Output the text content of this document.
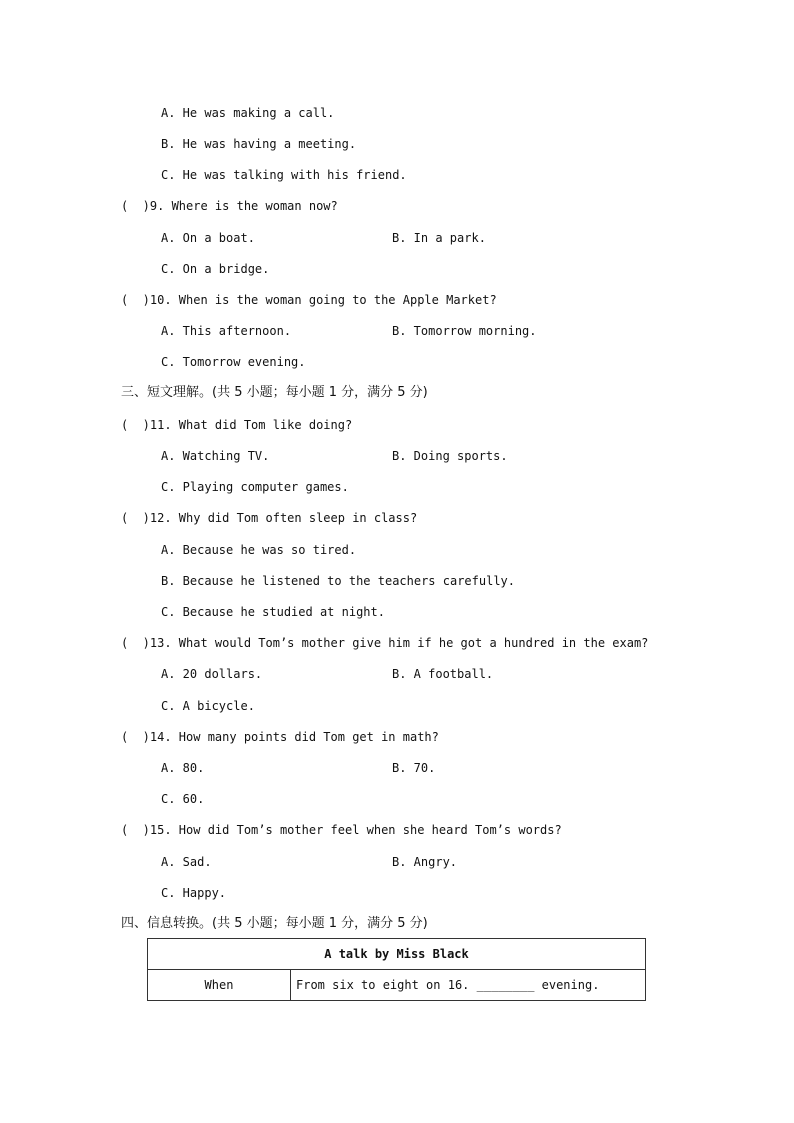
A. He was making a call.
B. He was having a meeting.
C. He was talking with his friend.
(  )9. Where is the woman now?
A. On a boat.	B. In a park.
C. On a bridge.
(  )10. When is the woman going to the Apple Market?
A. This afternoon.	B. Tomorrow morning.
C. Tomorrow evening.
三、短文理解。(共 5 小题；每小题 1 分，满分 5 分)
(  )11. What did Tom like doing?
A. Watching TV.	B. Doing sports.
C. Playing computer games.
(  )12. Why did Tom often sleep in class?
A. Because he was so tired.
B. Because he listened to the teachers carefully.
C. Because he studied at night.
(  )13. What would Tom’s mother give him if he got a hundred in the exam?
A. 20 dollars.	B. A football.
C. A bicycle.
(  )14. How many points did Tom get in math?
A. 80.	B. 70.
C. 60.
(  )15. How did Tom’s mother feel when she heard Tom’s words?
A. Sad.	B. Angry.
C. Happy.
四、信息转换。(共 5 小题；每小题 1 分，满分 5 分)
A talk by Miss Black
When	From six to eight on 16. ________ evening.
